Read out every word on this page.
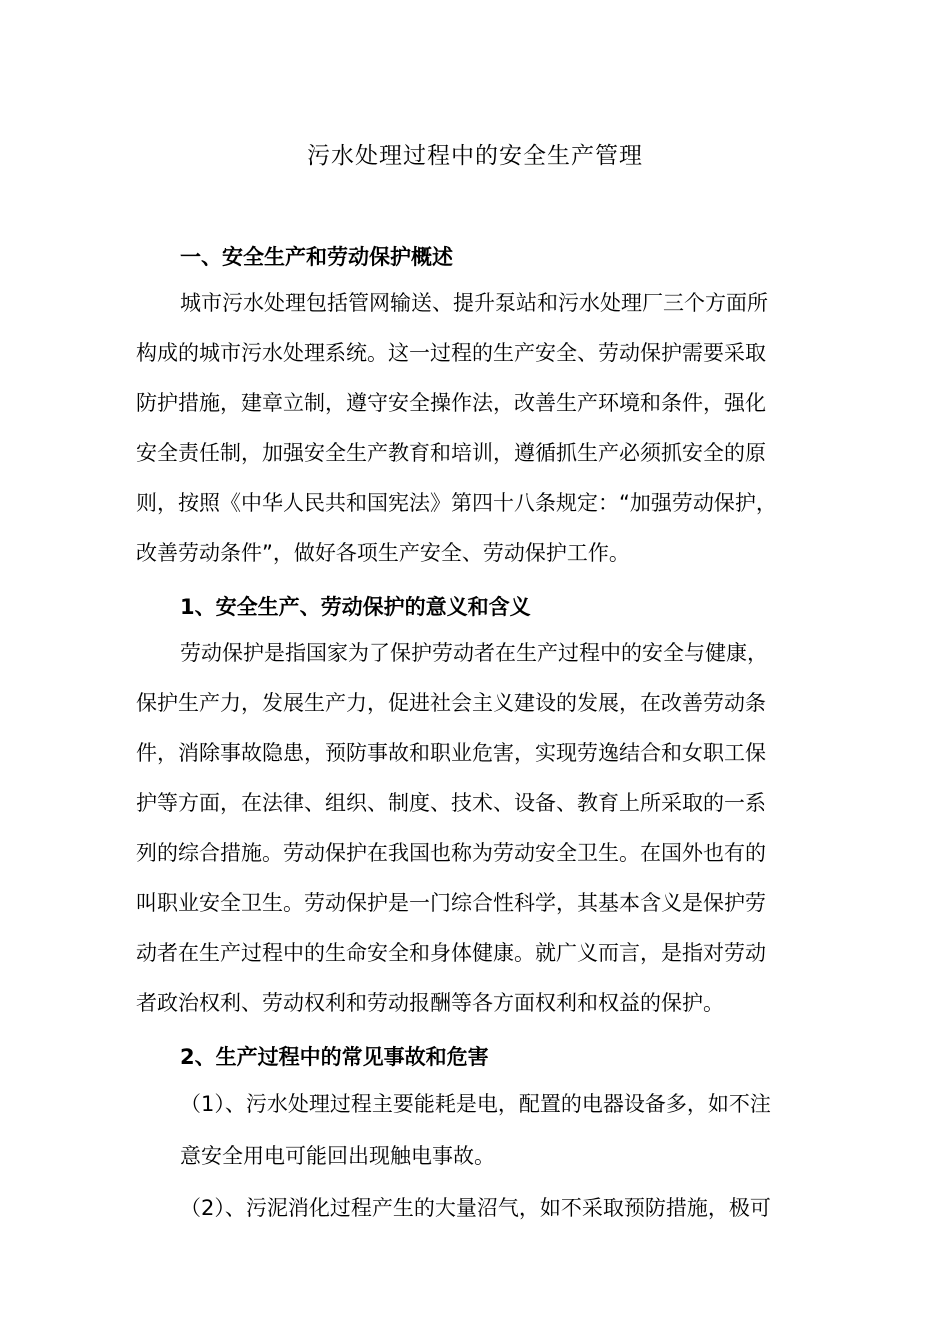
污水处理过程中的安全生产管理
一、安全生产和劳动保护概述
城市污水处理包括管网输送、提升泵站和污水处理厂三个方面所
构成的城市污水处理系统。这一过程的生产安全、劳动保护需要采取
防护措施，建章立制，遵守安全操作法，改善生产环境和条件，强化
安全责任制，加强安全生产教育和培训，遵循抓生产必须抓安全的原
则，按照《中华人民共和国宪法》第四十八条规定：“加强劳动保护，
改善劳动条件”，做好各项生产安全、劳动保护工作。
1、安全生产、劳动保护的意义和含义
劳动保护是指国家为了保护劳动者在生产过程中的安全与健康，
保护生产力，发展生产力，促进社会主义建设的发展，在改善劳动条
件，消除事故隐患，预防事故和职业危害，实现劳逸结合和女职工保
护等方面，在法律、组织、制度、技术、设备、教育上所采取的一系
列的综合措施。劳动保护在我国也称为劳动安全卫生。在国外也有的
叫职业安全卫生。劳动保护是一门综合性科学，其基本含义是保护劳
动者在生产过程中的生命安全和身体健康。就广义而言，是指对劳动
者政治权利、劳动权利和劳动报酬等各方面权利和权益的保护。
2、生产过程中的常见事故和危害
（1）、污水处理过程主要能耗是电，配置的电器设备多，如不注
意安全用电可能回出现触电事故。
（2）、污泥消化过程产生的大量沼气，如不采取预防措施，极可
